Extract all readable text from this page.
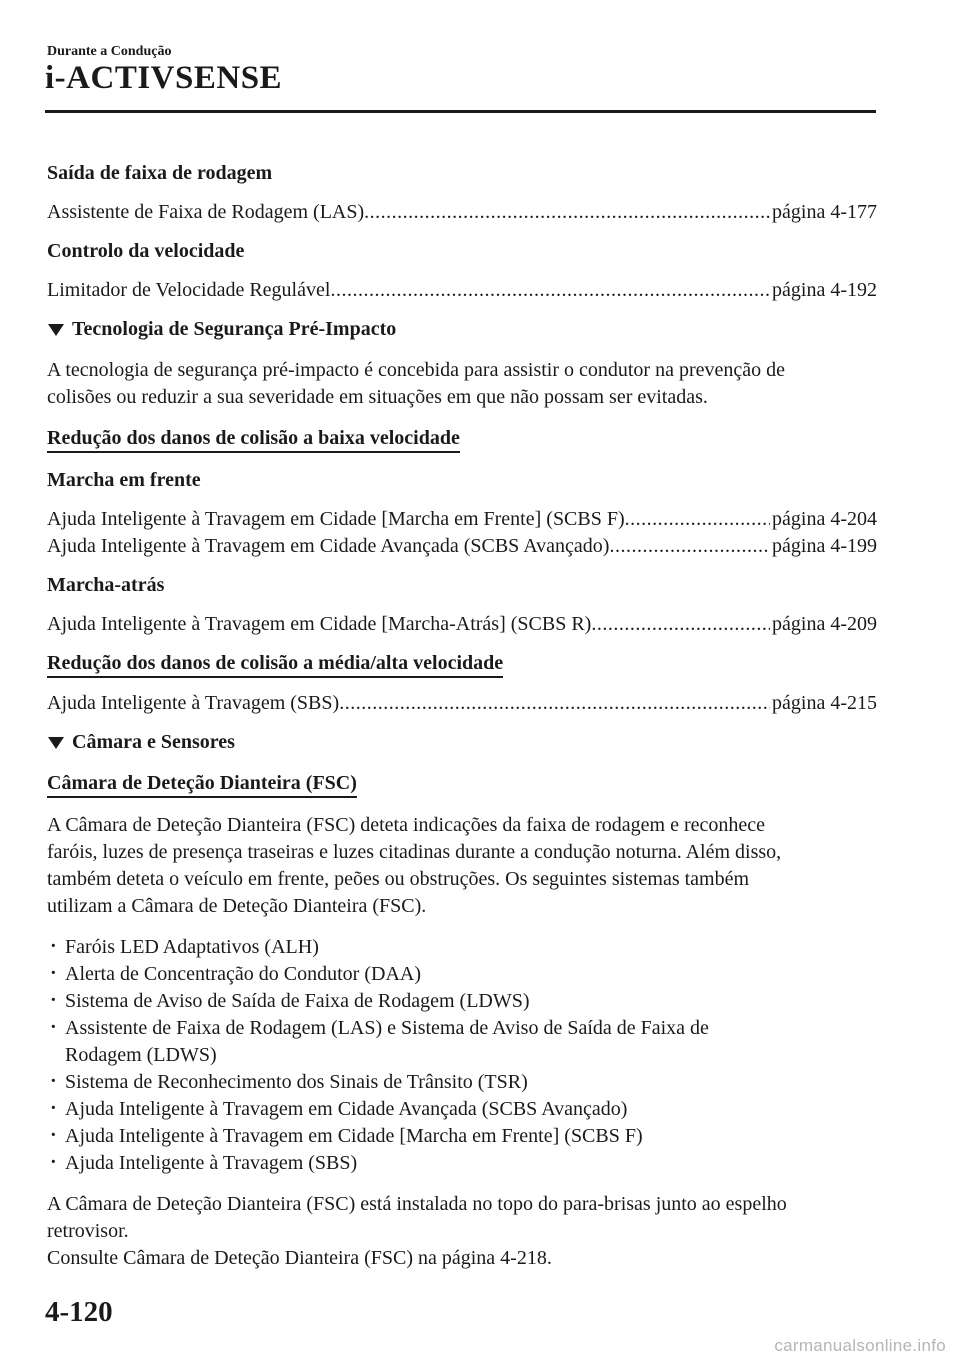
Durante a Condução
i-ACTIVSENSE

Saída de faixa de rodagem

Assistente de Faixa de Rodagem (LAS) .....	página 4-177

Controlo da velocidade

Limitador de Velocidade Regulável .....	página 4-192

Tecnologia de Segurança Pré-Impacto

A tecnologia de segurança pré-impacto é concebida para assistir o condutor na prevenção de

colisões ou reduzir a sua severidade em situações em que não possam ser evitadas.

Redução dos danos de colisão a baixa velocidade

Marcha em frente

Ajuda Inteligente à Travagem em Cidade [Marcha em Frente] (SCBS F) .....	página 4-204
Ajuda Inteligente à Travagem em Cidade Avançada (SCBS Avançado) .....	página 4-199

Marcha-atrás

Ajuda Inteligente à Travagem em Cidade [Marcha-Atrás] (SCBS R) .....	página 4-209
Redução dos danos de colisão a média/alta velocidade
Ajuda Inteligente à Travagem (SBS) .....	página 4-215

Câmara e Sensores

Câmara de Deteção Dianteira (FSC)

A Câmara de Deteção Dianteira (FSC) deteta indicações da faixa de rodagem e reconhece

faróis, luzes de presença traseiras e luzes citadinas durante a condução noturna. Além disso,

também deteta o veículo em frente, peões ou obstruções. Os seguintes sistemas também

utilizam a Câmara de Deteção Dianteira (FSC).

· Faróis LED Adaptativos (ALH)
· Alerta de Concentração do Condutor (DAA)
· Sistema de Aviso de Saída de Faixa de Rodagem (LDWS)
· Assistente de Faixa de Rodagem (LAS) e Sistema de Aviso de Saída de Faixa de
Rodagem (LDWS)
· Sistema de Reconhecimento dos Sinais de Trânsito (TSR)
· Ajuda Inteligente à Travagem em Cidade Avançada (SCBS Avançado)
· Ajuda Inteligente à Travagem em Cidade [Marcha em Frente] (SCBS F)
· Ajuda Inteligente à Travagem (SBS)

A Câmara de Deteção Dianteira (FSC) está instalada no topo do para-brisas junto ao espelho

retrovisor.

Consulte Câmara de Deteção Dianteira (FSC) na página 4-218.

4-120
carmanualsonline.info
